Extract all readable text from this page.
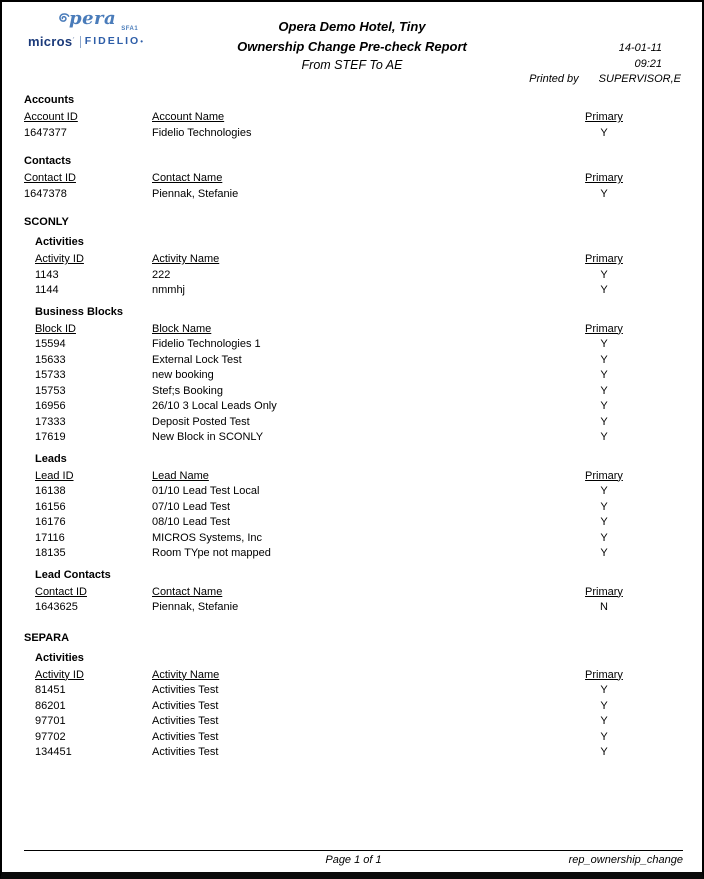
pera $_{SFA1}$
micros ´ FIDELIO •
Opera Demo Hotel, Tiny
Ownership Change Pre-check Report
From STEF To AE
14-01-11
09:21
Printed by SUPERVISOR,E
Accounts
Account ID	Account Name	Primary
1647377	Fidelio Technologies	Y
Contacts
Contact ID	Contact Name	Primary
1647378	Piennak, Stefanie	Y
SCONLY
Activities
Activity ID	Activity Name	Primary
1143	222	Y
1144	nmmhj	Y
Business Blocks
Block ID	Block Name	Primary
15594	Fidelio Technologies 1	Y
15633	External Lock Test	Y
15733	new booking	Y
15753	Stef;s Booking	Y
16956	26/10 3 Local Leads Only	Y
17333	Deposit Posted Test	Y
17619	New Block in SCONLY	Y
Leads
Lead ID	Lead Name	Primary
16138	01/10 Lead Test Local	Y
16156	07/10 Lead Test	Y
16176	08/10 Lead Test	Y
17116	MICROS Systems, Inc	Y
18135	Room TYpe not mapped	Y
Lead Contacts
Contact ID	Contact Name	Primary
1643625	Piennak, Stefanie	N
SEPARA
Activities
Activity ID	Activity Name	Primary
81451	Activities Test	Y
86201	Activities Test	Y
97701	Activities Test	Y
97702	Activities Test	Y
134451	Activities Test	Y
Page 1 of 1	rep_ownership_change
